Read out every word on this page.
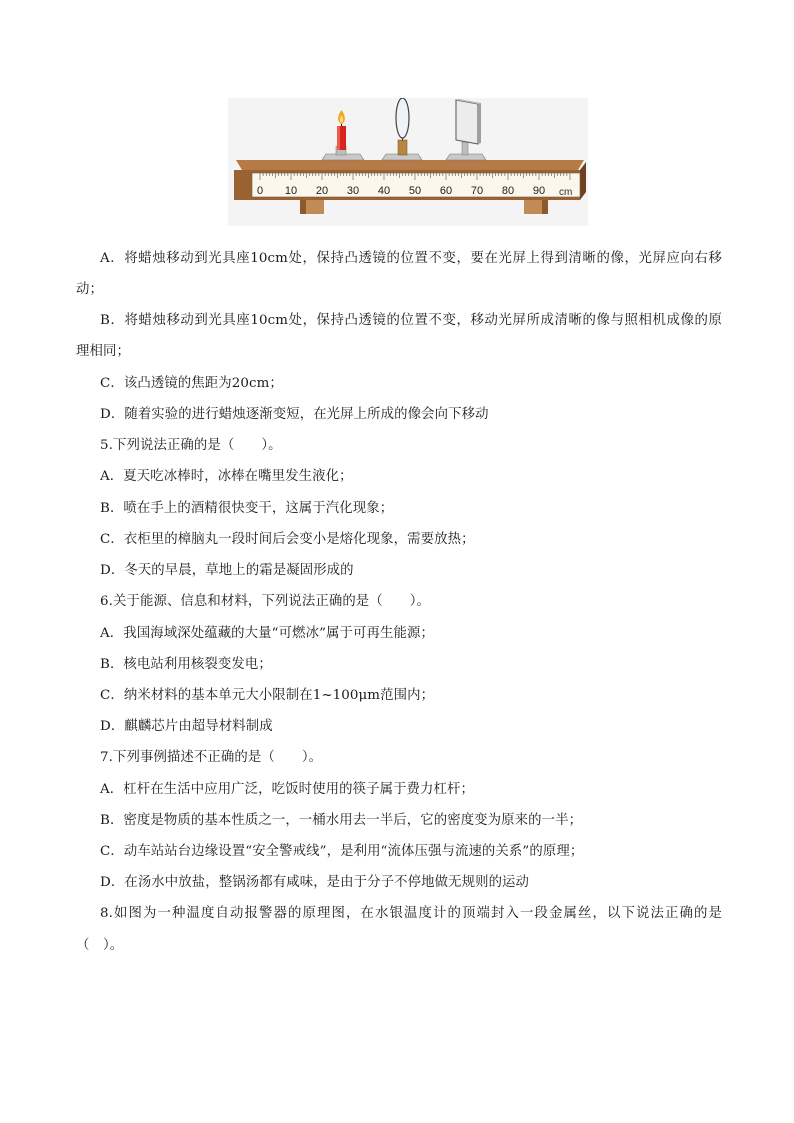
0 10 20 30 40 50 60 70 80 90 cm
A．将蜡烛移动到光具座10cm处，保持凸透镜的位置不变，要在光屏上得到清晰的像，光屏应向右移
动；
B．将蜡烛移动到光具座10cm处，保持凸透镜的位置不变，移动光屏所成清晰的像与照相机成像的原
理相同；
C．该凸透镜的焦距为20cm；
D．随着实验的进行蜡烛逐渐变短，在光屏上所成的像会向下移动
5.下列说法正确的是（　　）。
A．夏天吃冰棒时，冰棒在嘴里发生液化；
B．喷在手上的酒精很快变干，这属于汽化现象；
C．衣柜里的樟脑丸一段时间后会变小是熔化现象，需要放热；
D．冬天的早晨，草地上的霜是凝固形成的
6.关于能源、信息和材料，下列说法正确的是（　　）。
A．我国海域深处蕴藏的大量“可燃冰”属于可再生能源；
B．核电站利用核裂变发电；
C．纳米材料的基本单元大小限制在1~100μm范围内；
D．麒麟芯片由超导材料制成
7.下列事例描述不正确的是（　　）。
A．杠杆在生活中应用广泛，吃饭时使用的筷子属于费力杠杆；
B．密度是物质的基本性质之一，一桶水用去一半后，它的密度变为原来的一半；
C．动车站站台边缘设置“安全警戒线”，是利用“流体压强与流速的关系”的原理；
D．在汤水中放盐，整锅汤都有咸味，是由于分子不停地做无规则的运动
8.如图为一种温度自动报警器的原理图，在水银温度计的顶端封入一段金属丝，以下说法正确的是
（　）。
